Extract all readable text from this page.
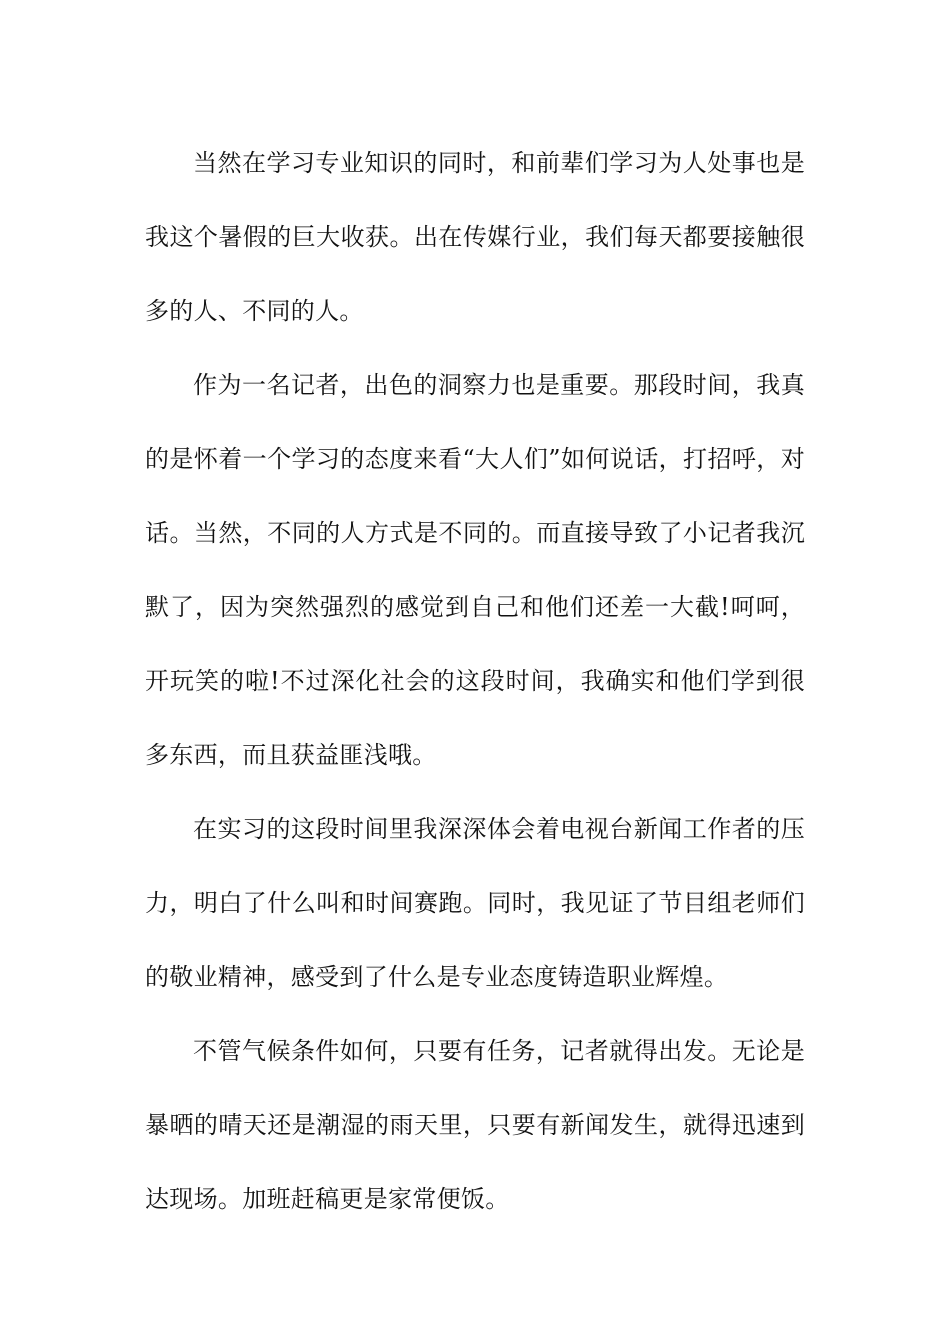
当然在学习专业知识的同时，和前辈们学习为人处事也是我这个暑假的巨大收获。出在传媒行业，我们每天都要接触很多的人、不同的人。

作为一名记者，出色的洞察力也是重要。那段时间，我真的是怀着一个学习的态度来看“大人们”如何说话，打招呼，对话。当然，不同的人方式是不同的。而直接导致了小记者我沉默了，因为突然强烈的感觉到自己和他们还差一大截!呵呵，开玩笑的啦!不过深化社会的这段时间，我确实和他们学到很多东西，而且获益匪浅哦。

在实习的这段时间里我深深体会着电视台新闻工作者的压力，明白了什么叫和时间赛跑。同时，我见证了节目组老师们的敬业精神，感受到了什么是专业态度铸造职业辉煌。

不管气候条件如何，只要有任务，记者就得出发。无论是暴晒的晴天还是潮湿的雨天里，只要有新闻发生，就得迅速到达现场。加班赶稿更是家常便饭。
